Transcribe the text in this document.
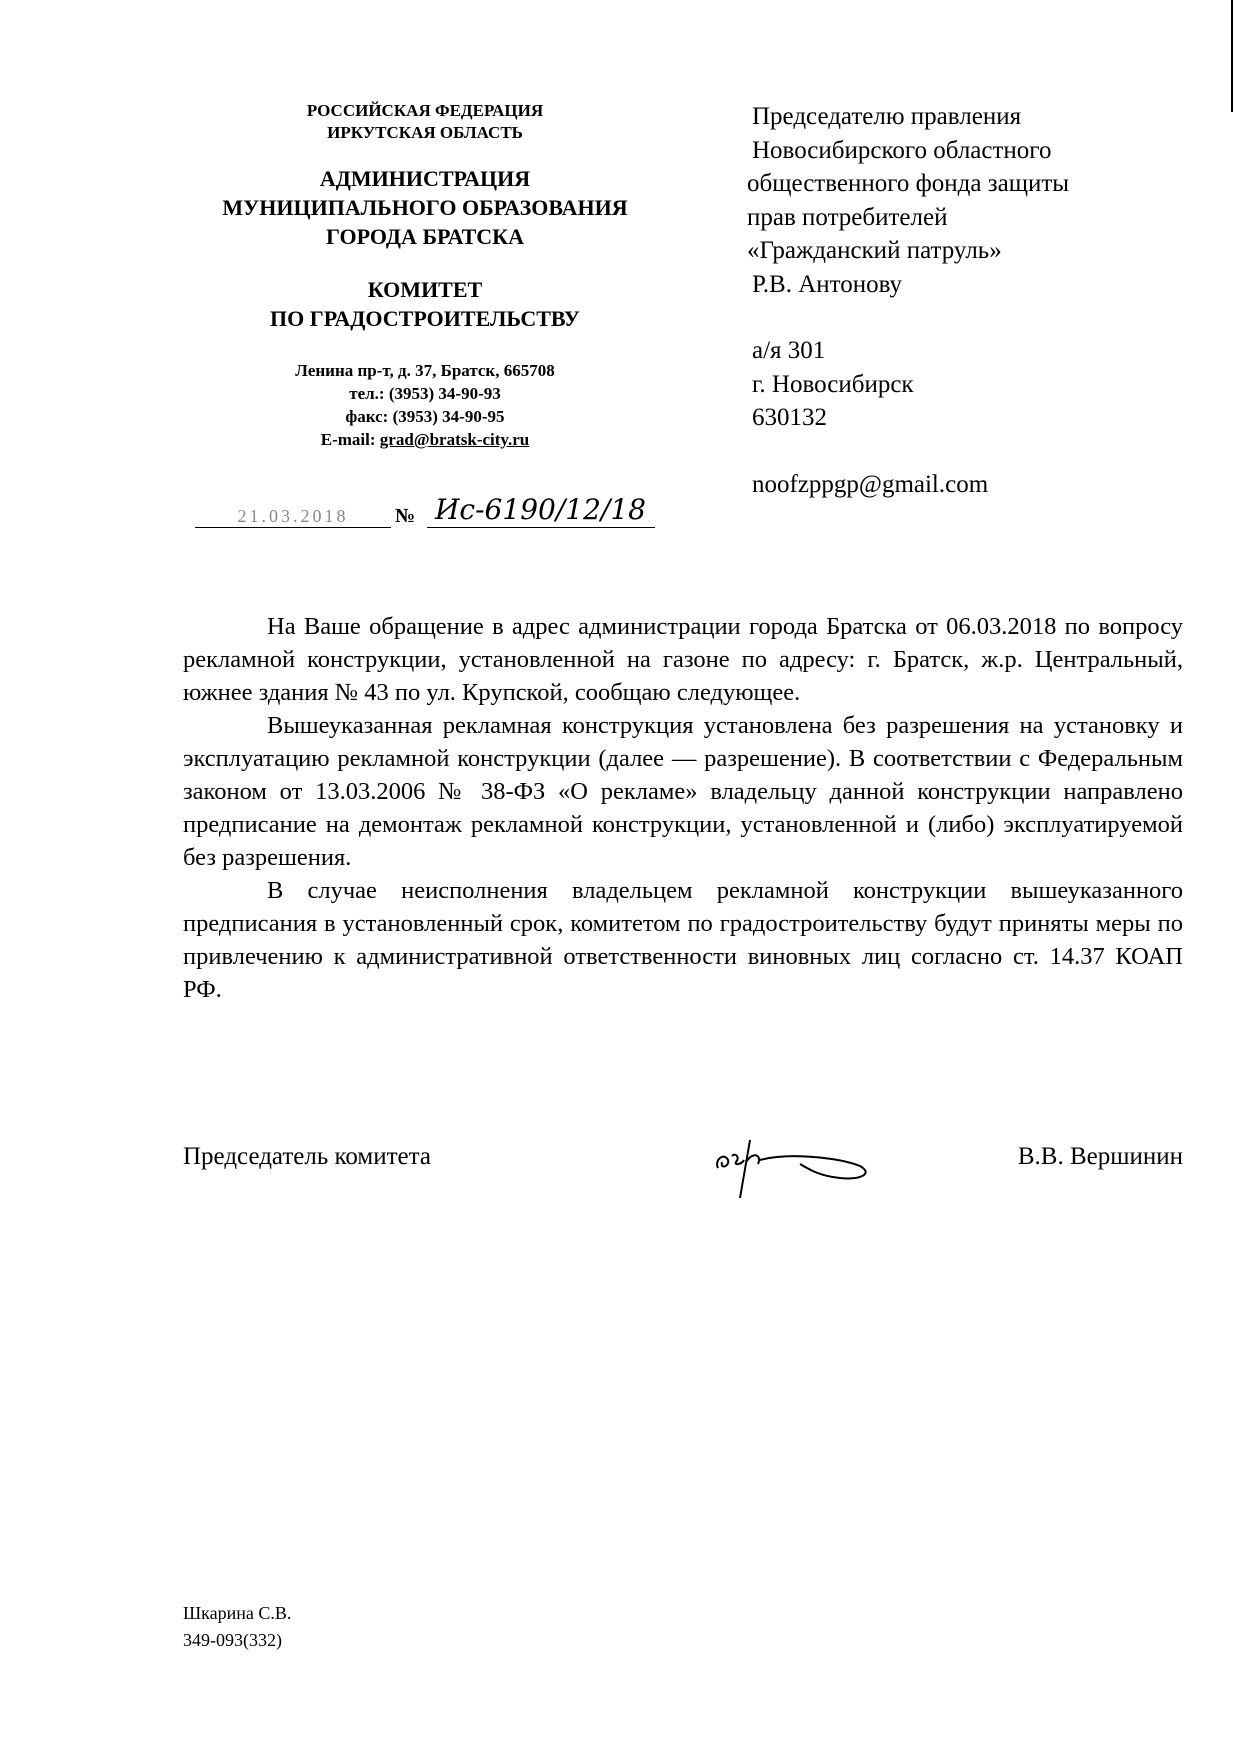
РОССИЙСКАЯ ФЕДЕРАЦИЯ
ИРКУТСКАЯ ОБЛАСТЬ
АДМИНИСТРАЦИЯ
МУНИЦИПАЛЬНОГО ОБРАЗОВАНИЯ
ГОРОДА БРАТСКА
КОМИТЕТ
ПО ГРАДОСТРОИТЕЛЬСТВУ
Ленина пр-т, д. 37, Братск, 665708
тел.: (3953) 34-90-93
факс: (3953) 34-90-95
E-mail: grad@bratsk-city.ru
21.03.2018	№ Ис-6190/12/18
Председателю правления
Новосибирского областного
общественного фонда защиты
прав потребителей
«Гражданский патруль»
Р.В. Антонову
а/я 301
г. Новосибирск
630132
noofzppgp@gmail.com

На Ваше обращение в адрес администрации города Братска от 06.03.2018 по вопросу рекламной конструкции, установленной на газоне по адресу: г. Братск, ж.р. Центральный, южнее здания № 43 по ул. Крупской, сообщаю следующее.

Вышеуказанная рекламная конструкция установлена без разрешения на установку и эксплуатацию рекламной конструкции (далее — разрешение). В соответствии с Федеральным законом от 13.03.2006 № 38-ФЗ «О рекламе» владельцу данной конструкции направлено предписание на демонтаж рекламной конструкции, установленной и (либо) эксплуатируемой без разрешения.

В случае неисполнения владельцем рекламной конструкции вышеуказанного предписания в установленный срок, комитетом по градостроительству будут приняты меры по привлечению к административной ответственности виновных лиц согласно ст. 14.37 КОАП РФ.

Председатель комитета	В.В. Вершинин
Шкарина С.В.
349-093(332)
